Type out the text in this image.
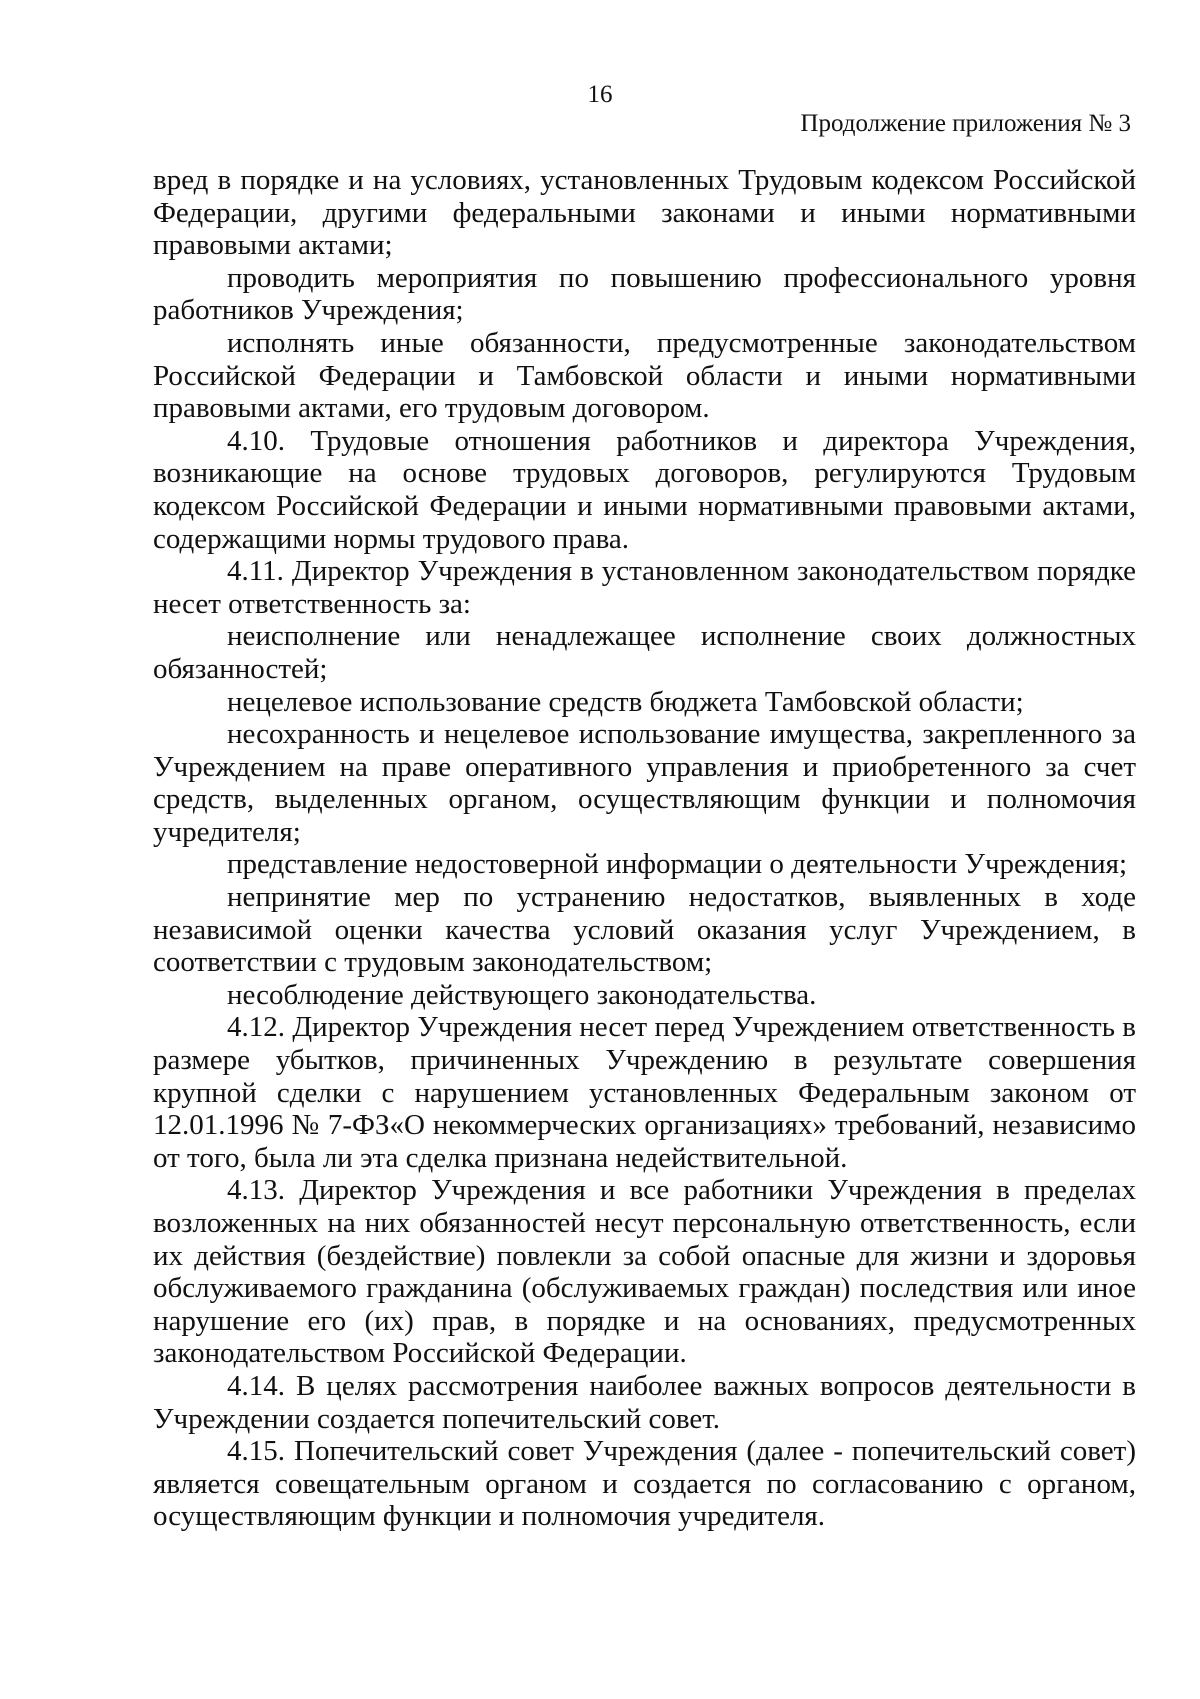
16
Продолжение приложения № 3

вред в порядке и на условиях, установленных Трудовым кодексом Российской Федерации, другими федеральными законами и иными нормативными правовыми актами;

проводить мероприятия по повышению профессионального уровня работников Учреждения;

исполнять иные обязанности, предусмотренные законодательством Российской Федерации и Тамбовской области и иными нормативными правовыми актами, его трудовым договором.

4.10. Трудовые отношения работников и директора Учреждения, возникающие на основе трудовых договоров, регулируются Трудовым кодексом Российской Федерации и иными нормативными правовыми актами, содержащими нормы трудового права.

4.11. Директор Учреждения в установленном законодательством порядке несет ответственность за:

неисполнение или ненадлежащее исполнение своих должностных обязанностей;

нецелевое использование средств бюджета Тамбовской области;

несохранность и нецелевое использование имущества, закрепленного за Учреждением на праве оперативного управления и приобретенного за счет средств, выделенных органом, осуществляющим функции и полномочия учредителя;

представление недостоверной информации о деятельности Учреждения;

непринятие мер по устранению недостатков, выявленных в ходе независимой оценки качества условий оказания услуг Учреждением, в соответствии с трудовым законодательством;

несоблюдение действующего законодательства.

4.12. Директор Учреждения несет перед Учреждением ответственность в размере убытков, причиненных Учреждению в результате совершения крупной сделки с нарушением установленных Федеральным законом от 12.01.1996 № 7-ФЗ«О некоммерческих организациях» требований, независимо от того, была ли эта сделка признана недействительной.

4.13. Директор Учреждения и все работники Учреждения в пределах возложенных на них обязанностей несут персональную ответственность, если их действия (бездействие) повлекли за собой опасные для жизни и здоровья обслуживаемого гражданина (обслуживаемых граждан) последствия или иное нарушение его (их) прав, в порядке и на основаниях, предусмотренных законодательством Российской Федерации.

4.14. В целях рассмотрения наиболее важных вопросов деятельности в Учреждении создается попечительский совет.

4.15. Попечительский совет Учреждения (далее - попечительский совет) является совещательным органом и создается по согласованию с органом, осуществляющим функции и полномочия учредителя.
